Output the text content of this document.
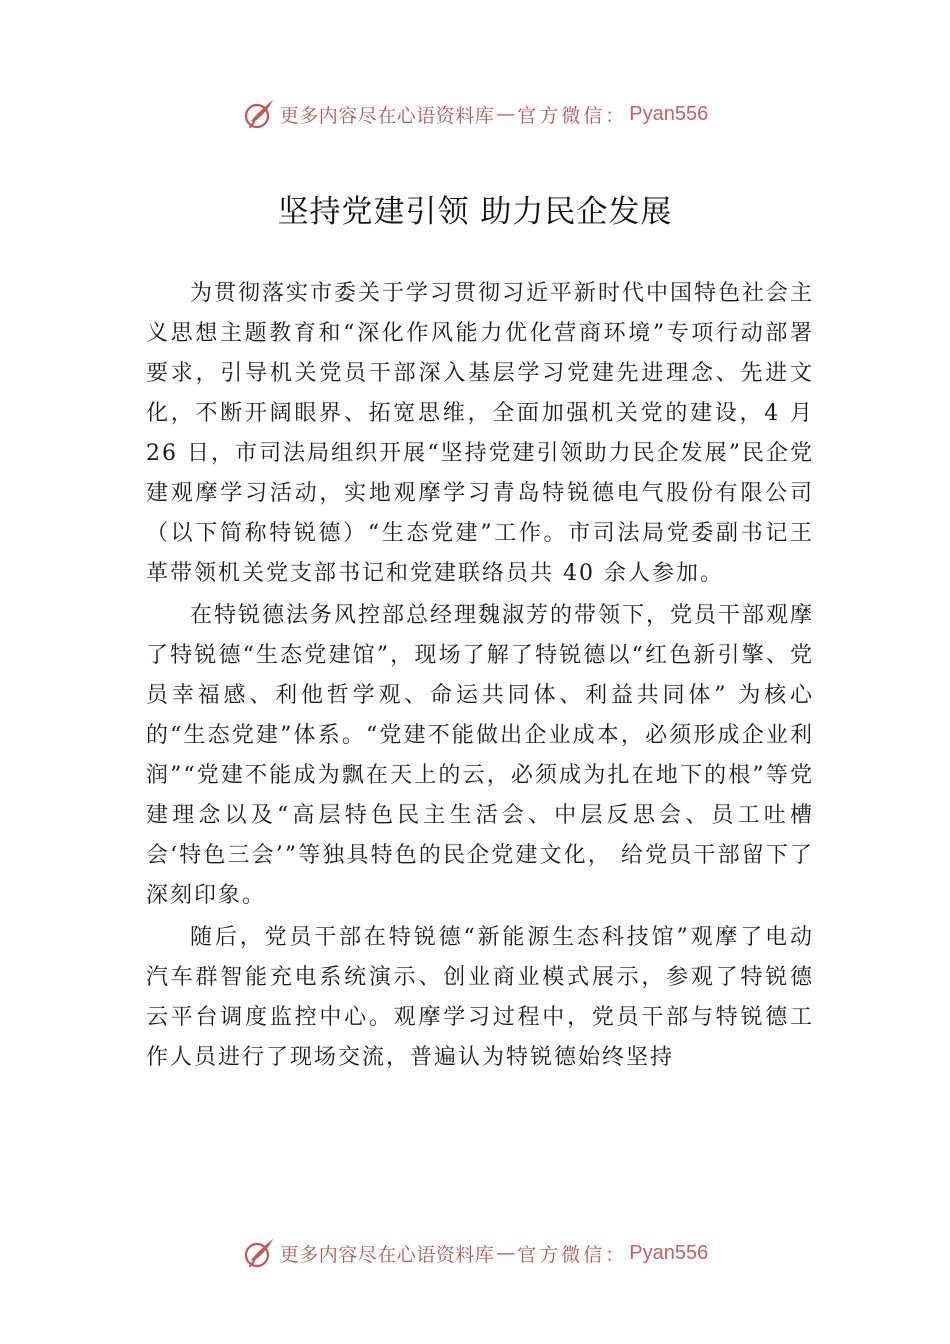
更多内容尽在心语资料库 — 官方微信： Pyan556
坚持党建引领 助力民企发展

为贯彻落实市委关于学习贯彻习近平新时代中国特色社会主义思想主题教育和“深化作风能力优化营商环境”专项行动部署要求，引导机关党员干部深入基层学习党建先进理念、先进文化，不断开阔眼界、拓宽思维，全面加强机关党的建设，4 月 26 日，市司法局组织开展“坚持党建引领助力民企发展”民企党建观摩学习活动，实地观摩学习青岛特锐德电气股份有限公司（以下简称特锐德）“生态党建”工作。市司法局党委副书记王革带领机关党支部书记和党建联络员共 40 余人参加。

在特锐德法务风控部总经理魏淑芳的带领下，党员干部观摩了特锐德“生态党建馆”，现场了解了特锐德以“红色新引擎、党员幸福感、利他哲学观、命运共同体、利益共同体” 为核心的“生态党建”体系。“党建不能做出企业成本，必须形成企业利润”“党建不能成为飘在天上的云，必须成为扎在地下的根”等党建理念以及“高层特色民主生活会、中层反思会、员工吐槽会‘特色三会’”等独具特色的民企党建文化， 给党员干部留下了深刻印象。

随后，党员干部在特锐德“新能源生态科技馆”观摩了电动汽车群智能充电系统演示、创业商业模式展示，参观了特锐德云平台调度监控中心。观摩学习过程中，党员干部与特锐德工作人员进行了现场交流，普遍认为特锐德始终坚持

更多内容尽在心语资料库 — 官方微信： Pyan556
